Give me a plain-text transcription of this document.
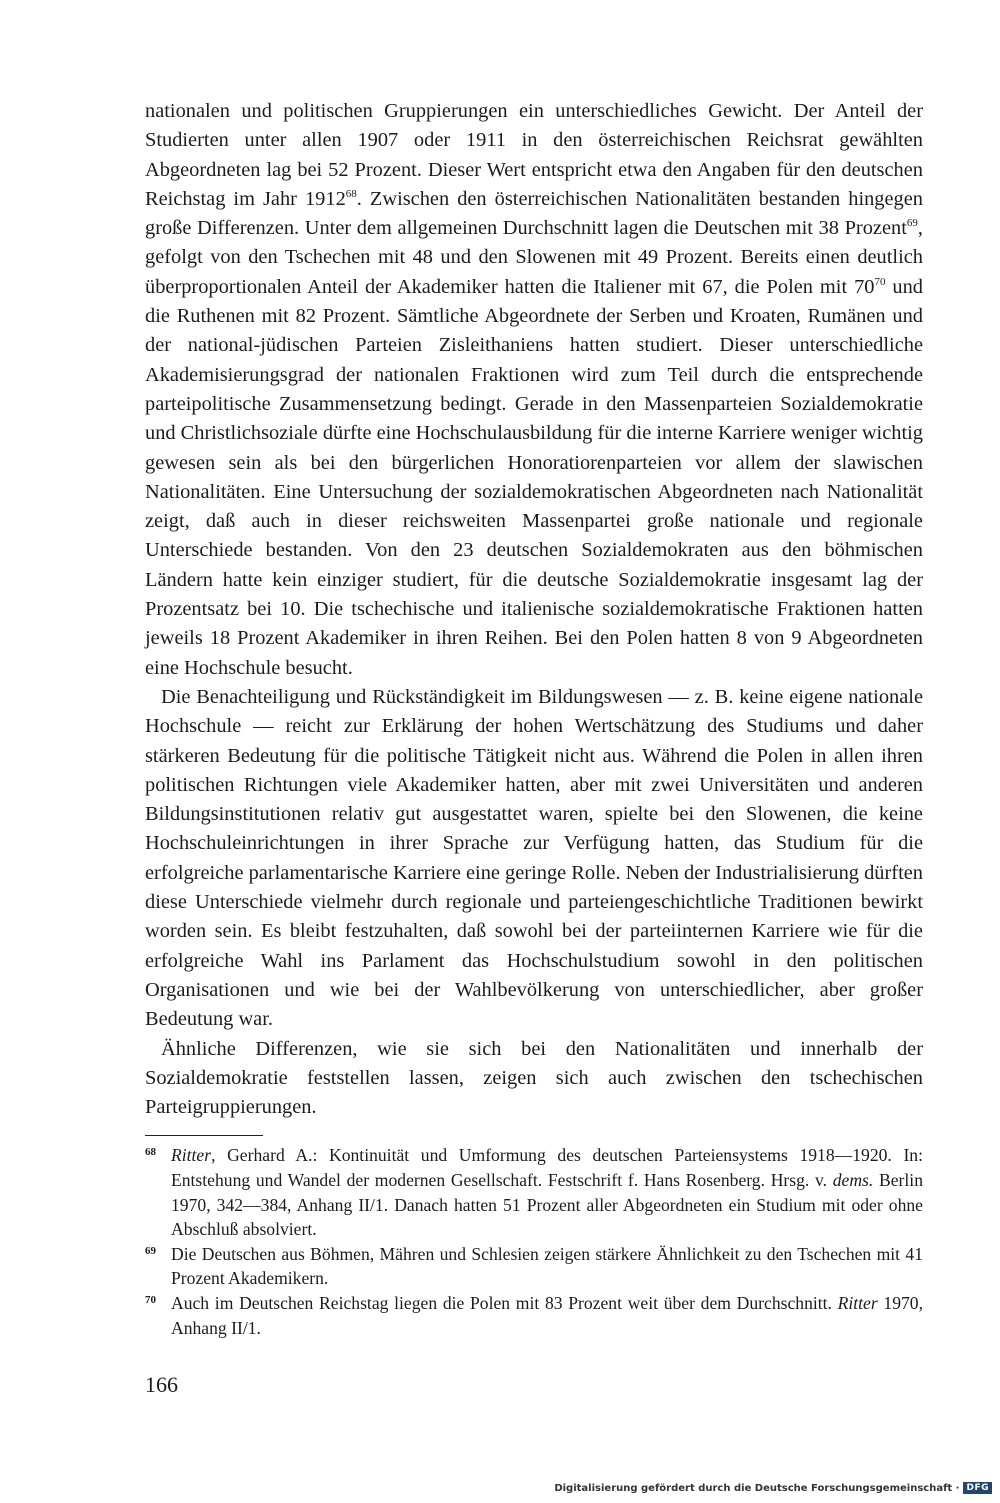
nationalen und politischen Gruppierungen ein unterschiedliches Gewicht. Der Anteil der Studierten unter allen 1907 oder 1911 in den österreichischen Reichsrat gewählten Abgeordneten lag bei 52 Prozent. Dieser Wert entspricht etwa den Angaben für den deutschen Reichstag im Jahr 1912$^{68}$. Zwischen den österreichischen Nationalitäten bestanden hingegen große Differenzen. Unter dem allgemeinen Durchschnitt lagen die Deutschen mit 38 Prozent$^{69}$, gefolgt von den Tschechen mit 48 und den Slowenen mit 49 Prozent. Bereits einen deutlich überproportionalen Anteil der Akademiker hatten die Italiener mit 67, die Polen mit $70^{70}$ und die Ruthenen mit 82 Prozent. Sämtliche Abgeordnete der Serben und Kroaten, Rumänen und der national-jüdischen Parteien Zisleithaniens hatten studiert. Dieser unterschiedliche Akademisierungsgrad der nationalen Fraktionen wird zum Teil durch die entsprechende parteipolitische Zusammensetzung bedingt. Gerade in den Massenparteien Sozialdemokratie und Christlichsoziale dürfte eine Hochschulausbildung für die interne Karriere weniger wichtig gewesen sein als bei den bürgerlichen Honoratiorenparteien vor allem der slawischen Nationalitäten. Eine Untersuchung der sozialdemokratischen Abgeordneten nach Nationalität zeigt, daß auch in dieser reichsweiten Massenpartei große nationale und regionale Unterschiede bestanden. Von den 23 deutschen Sozialdemokraten aus den böhmischen Ländern hatte kein einziger studiert, für die deutsche Sozialdemokratie insgesamt lag der Prozentsatz bei 10. Die tschechische und italienische sozialdemokratische Fraktionen hatten jeweils 18 Prozent Akademiker in ihren Reihen. Bei den Polen hatten 8 von 9 Abgeordneten eine Hochschule besucht.

Die Benachteiligung und Rückständigkeit im Bildungswesen — z. B. keine eigene nationale Hochschule — reicht zur Erklärung der hohen Wertschätzung des Studiums und daher stärkeren Bedeutung für die politische Tätigkeit nicht aus. Während die Polen in allen ihren politischen Richtungen viele Akademiker hatten, aber mit zwei Universitäten und anderen Bildungsinstitutionen relativ gut ausgestattet waren, spielte bei den Slowenen, die keine Hochschuleinrichtungen in ihrer Sprache zur Verfügung hatten, das Studium für die erfolgreiche parlamentarische Karriere eine geringe Rolle. Neben der Industrialisierung dürften diese Unterschiede vielmehr durch regionale und parteiengeschichtliche Traditionen bewirkt worden sein. Es bleibt festzuhalten, daß sowohl bei der parteiinternen Karriere wie für die erfolgreiche Wahl ins Parlament das Hochschulstudium sowohl in den politischen Organisationen und wie bei der Wahlbevölkerung von unterschiedlicher, aber großer Bedeutung war.

Ähnliche Differenzen, wie sie sich bei den Nationalitäten und innerhalb der Sozialdemokratie feststellen lassen, zeigen sich auch zwischen den tschechischen Parteigruppierungen.

68 Ritter, Gerhard A.: Kontinuität und Umformung des deutschen Parteiensystems 1918—1920. In: Entstehung und Wandel der modernen Gesellschaft. Festschrift f. Hans Rosenberg. Hrsg. v. dems. Berlin 1970, 342—384, Anhang II/1. Danach hatten 51 Prozent aller Abgeordneten ein Studium mit oder ohne Abschluß absolviert.

69 Die Deutschen aus Böhmen, Mähren und Schlesien zeigen stärkere Ähnlichkeit zu den Tschechen mit 41 Prozent Akademikern.

70 Auch im Deutschen Reichstag liegen die Polen mit 83 Prozent weit über dem Durchschnitt. Ritter 1970, Anhang II/1.

166
Digitalisierung gefördert durch die Deutsche Forschungsgemeinschaft · DFG
